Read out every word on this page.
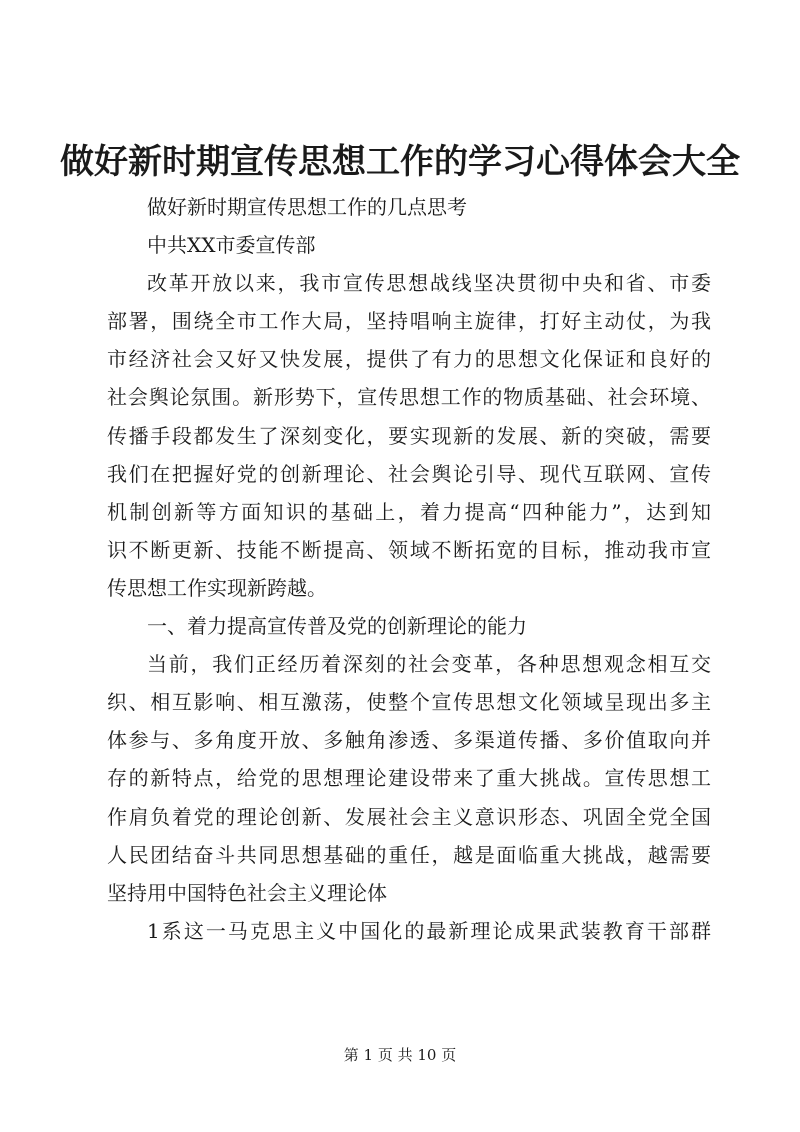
做好新时期宣传思想工作的学习心得体会大全
做好新时期宣传思想工作的几点思考
中共XX市委宣传部
改革开放以来，我市宣传思想战线坚决贯彻中央和省、市委
部署，围绕全市工作大局，坚持唱响主旋律，打好主动仗，为我
市经济社会又好又快发展，提供了有力的思想文化保证和良好的
社会舆论氛围。新形势下，宣传思想工作的物质基础、社会环境、
传播手段都发生了深刻变化，要实现新的发展、新的突破，需要
我们在把握好党的创新理论、社会舆论引导、现代互联网、宣传
机制创新等方面知识的基础上，着力提高“四种能力”，达到知
识不断更新、技能不断提高、领域不断拓宽的目标，推动我市宣
传思想工作实现新跨越。
一、着力提高宣传普及党的创新理论的能力
当前，我们正经历着深刻的社会变革，各种思想观念相互交
织、相互影响、相互激荡，使整个宣传思想文化领域呈现出多主
体参与、多角度开放、多触角渗透、多渠道传播、多价值取向并
存的新特点，给党的思想理论建设带来了重大挑战。宣传思想工
作肩负着党的理论创新、发展社会主义意识形态、巩固全党全国
人民团结奋斗共同思想基础的重任，越是面临重大挑战，越需要
坚持用中国特色社会主义理论体
1系这一马克思主义中国化的最新理论成果武装教育干部群
第 1 页 共 10 页
